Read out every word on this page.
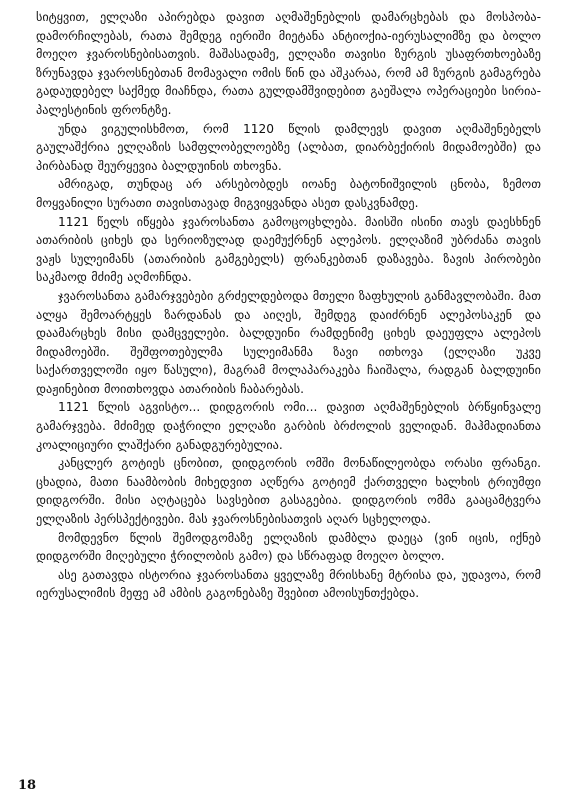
სიტყვით, ელღაზი აპირებდა დავით აღმაშენებლის დამარცხებას და მოსპობა-დამორჩილებას, რათა შემდეგ იერიში მიეტანა ანტიოქია-იერუსალიმზე და ბოლო მოეღო ჯვაროსნებისათვის. მაშასადამე, ელღაზი თავისი ზურგის უსაფრთხოებაზე ზრუნავდა ჯვაროსნებთან მომავალი ომის წინ და აშკარაა, რომ ამ ზურგის გამაგრება გადაუდებელ საქმედ მიაჩნდა, რათა გულდამშვიდებით გაეშალა ოპერაციები სირია-პალესტინის ფრონტზე.

უნდა ვიგულისხმოთ, რომ 1120 წლის დამლევს დავით აღმაშენებელს გაულაშქრია ელღაზის სამფლობელოებზე (ალბათ, დიარბექირის მიდამოებში) და პირბანად შეურყევია ბალდუინის თხოვნა.

ამრიგად, თუნდაც არ არსებობდეს იოანე ბატონიშვილის ცნობა, ზემოთ მოყვანილი სურათი თავისთავად მიგვიყვანდა ასეთ დასკვნამდე.

1121 წელს იწყება ჯვაროსანთა გამოცოცხლება. მაისში ისინი თავს დაესხნენ ათარიბის ციხეს და სერიოზულად დაემუქრნენ ალეპოს. ელღაზიმ უბრძანა თავის ვაჟს სულეიმანს (ათარიბის გამგებელს) ფრანკებთან დაზავება. ზავის პირობები საკმაოდ მძიმე აღმოჩნდა.

ჯვაროსანთა გამარჯვებები გრძელდებოდა მთელი ზაფხულის განმავლობაში. მათ ალყა შემოარტყეს ზარდანას და აიღეს, შემდეგ დაიძრნენ ალეპოსაკენ და დაამარცხეს მისი დამცველები. ბალდუინი რამდენიმე ციხეს დაეუფლა ალეპოს მიდამოებში. შეშფოთებულმა სულეიმანმა ზავი ითხოვა (ელღაზი უკვე საქართველოში იყო წასული), მაგრამ მოლაპარაკება ჩაიშალა, რადგან ბალდუინი დაჟინებით მოითხოვდა ათარიბის ჩაბარებას.

1121 წლის აგვისტო... დიდგორის ომი... დავით აღმაშენებლის ბრწყინვალე გამარჯვება. მძიმედ დაჭრილი ელღაზი გარბის ბრძოლის ველიდან. მაჰმადიანთა კოალიციური ლაშქარი განადგურებულია.

კანცლერ გოტიეს ცნობით, დიდგორის ომში მონაწილეობდა ორასი ფრანგი. ცხადია, მათი ნაამბობის მიხედვით აღწერა გოტიემ ქართველი ხალხის ტრიუმფი დიდგორში. მისი აღტაცება სავსებით გასაგებია. დიდგორის ომმა გააცამტვერა ელღაზის პერსპექტივები. მას ჯვაროსნებისათვის აღარ სცხელოდა.

მომდევნო წლის შემოდგომაზე ელღაზის დამბლა დაეცა (ვინ იცის, იქნებ დიდგორში მიღებული ჭრილობის გამო) და სწრაფად მოეღო ბოლო.

ასე გათავდა ისტორია ჯვაროსანთა ყველაზე მრისხანე მტრისა და, უდავოა, რომ იერუსალიმის მეფე ამ ამბის გაგონებაზე შვებით ამოისუნთქებდა.

18
